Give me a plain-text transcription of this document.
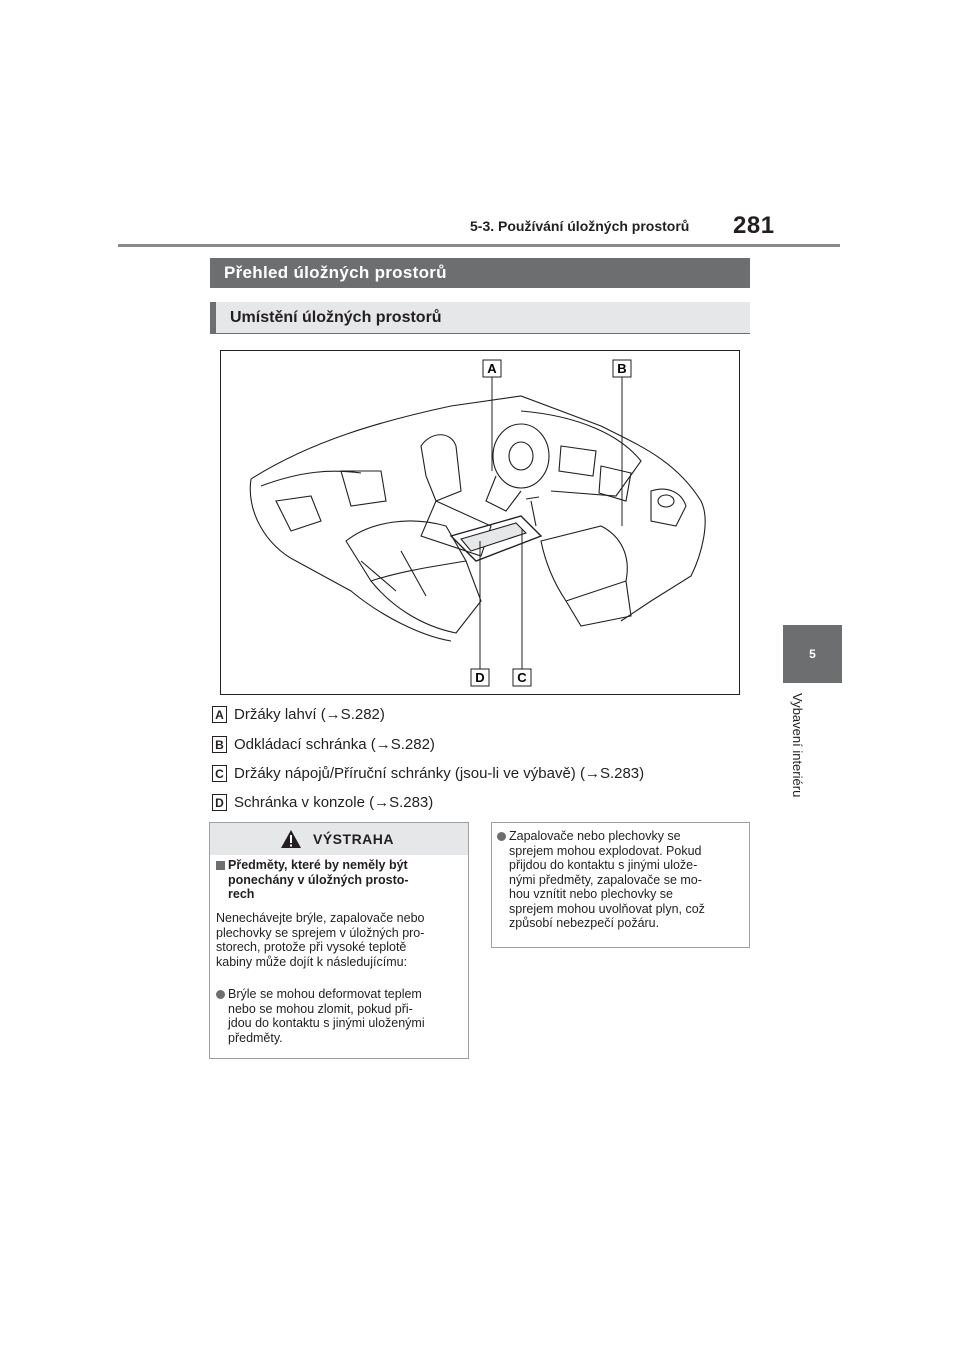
5-3. Používání úložných prostorů 281
5
Vybavení interiéru
Přehled úložných prostorů
Umístění úložných prostorů
A	B
C
D
A Držáky lahví (→S.282)
B Odkládací schránka (→S.282)
C Držáky nápojů/Příruční schránky (jsou-li ve výbavě) (→S.283)
D Schránka v konzole (→S.283)
VÝSTRAHA
Předměty, které by neměly být
ponechány v úložných prosto-
rech
Nenechávejte brýle, zapalovače nebo
plechovky se sprejem v úložných pro-
storech, protože při vysoké teplotě
kabiny může dojít k následujícímu:
Brýle se mohou deformovat teplem
nebo se mohou zlomit, pokud při-
jdou do kontaktu s jinými uloženými
předměty.
Zapalovače nebo plechovky se
sprejem mohou explodovat. Pokud
přijdou do kontaktu s jinými ulože-
nými předměty, zapalovače se mo-
hou vznítit nebo plechovky se
sprejem mohou uvolňovat plyn, což
způsobí nebezpečí požáru.
